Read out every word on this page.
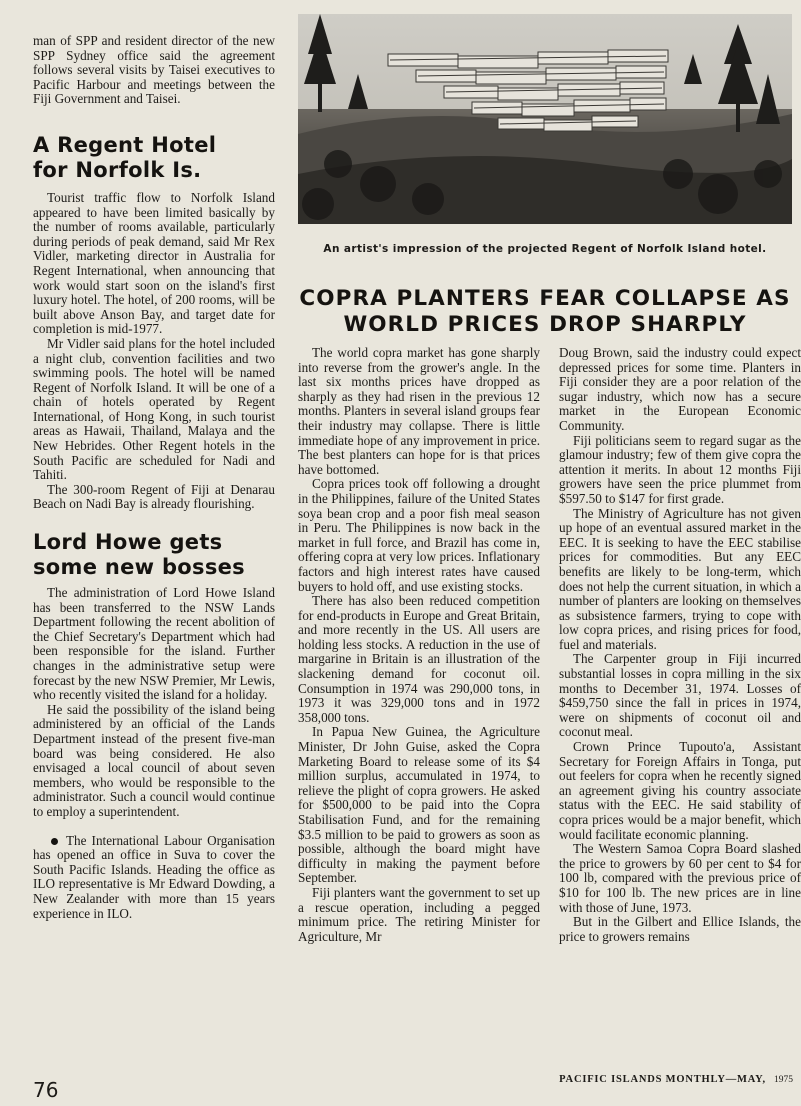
man of SPP and resident director of the new SPP Sydney office said the agreement follows several visits by Taisei executives to Pacific Harbour and meetings between the Fiji Government and Taisei.

A Regent Hotel
for Norfolk Is.

Tourist traffic flow to Norfolk Island appeared to have been limited basically by the number of rooms available, particularly during periods of peak demand, said Mr Rex Vidler, marketing director in Australia for Regent International, when announcing that work would start soon on the island's first luxury hotel. The hotel, of 200 rooms, will be built above Anson Bay, and target date for completion is mid-1977.

Mr Vidler said plans for the hotel included a night club, convention facilities and two swimming pools. The hotel will be named Regent of Norfolk Island. It will be one of a chain of hotels operated by Regent International, of Hong Kong, in such tourist areas as Hawaii, Thailand, Malaya and the New Hebrides. Other Regent hotels in the South Pacific are scheduled for Nadi and Tahiti.

The 300-room Regent of Fiji at Denarau Beach on Nadi Bay is already flourishing.

Lord Howe gets
some new bosses

The administration of Lord Howe Island has been transferred to the NSW Lands Department following the recent abolition of the Chief Secretary's Department which had been responsible for the island. Further changes in the administrative setup were forecast by the new NSW Premier, Mr Lewis, who recently visited the island for a holiday.

He said the possibility of the island being administered by an official of the Lands Department instead of the present five-man board was being considered. He also envisaged a local council of about seven members, who would be responsible to the administrator. Such a council would continue to employ a superintendent.

The International Labour Organisation has opened an office in Suva to cover the South Pacific Islands. Heading the office as ILO representative is Mr Edward Dowding, a New Zealander with more than 15 years experience in ILO.

An artist's impression of the projected Regent of Norfolk Island hotel.
COPRA PLANTERS FEAR COLLAPSE AS
WORLD PRICES DROP SHARPLY

The world copra market has gone sharply into reverse from the grower's angle. In the last six months prices have dropped as sharply as they had risen in the previous 12 months. Planters in several island groups fear their industry may collapse. There is little immediate hope of any improvement in price. The best planters can hope for is that prices have bottomed.

Copra prices took off following a drought in the Philippines, failure of the United States soya bean crop and a poor fish meal season in Peru. The Philippines is now back in the market in full force, and Brazil has come in, offering copra at very low prices. Inflationary factors and high interest rates have caused buyers to hold off, and use existing stocks.

There has also been reduced competition for end-products in Europe and Great Britain, and more recently in the US. All users are holding less stocks. A reduction in the use of margarine in Britain is an illustration of the slackening demand for coconut oil. Consumption in 1974 was 290,000 tons, in 1973 it was 329,000 tons and in 1972 358,000 tons.

In Papua New Guinea, the Agriculture Minister, Dr John Guise, asked the Copra Marketing Board to release some of its $4 million surplus, accumulated in 1974, to relieve the plight of copra growers. He asked for $500,000 to be paid into the Copra Stabilisation Fund, and for the remaining $3.5 million to be paid to growers as soon as possible, although the board might have difficulty in making the payment before September.

Fiji planters want the government to set up a rescue operation, including a pegged minimum price. The retiring Minister for Agriculture, Mr

Doug Brown, said the industry could expect depressed prices for some time. Planters in Fiji consider they are a poor relation of the sugar industry, which now has a secure market in the European Economic Community.

Fiji politicians seem to regard sugar as the glamour industry; few of them give copra the attention it merits. In about 12 months Fiji growers have seen the price plummet from $597.50 to $147 for first grade.

The Ministry of Agriculture has not given up hope of an eventual assured market in the EEC. It is seeking to have the EEC stabilise prices for commodities. But any EEC benefits are likely to be long-term, which does not help the current situation, in which a number of planters are looking on themselves as subsistence farmers, trying to cope with low copra prices, and rising prices for food, fuel and materials.

The Carpenter group in Fiji incurred substantial losses in copra milling in the six months to December 31, 1974. Losses of $459,750 since the fall in prices in 1974, were on shipments of coconut oil and coconut meal.

Crown Prince Tupouto'a, Assistant Secretary for Foreign Affairs in Tonga, put out feelers for copra when he recently signed an agreement giving his country associate status with the EEC. He said stability of copra prices would be a major benefit, which would facilitate economic planning.

The Western Samoa Copra Board slashed the price to growers by 60 per cent to $4 for 100 lb, compared with the previous price of $10 for 100 lb. The new prices are in line with those of June, 1973.

But in the Gilbert and Ellice Islands, the price to growers remains

76	PACIFIC ISLANDS MONTHLY—MAY, 1975
